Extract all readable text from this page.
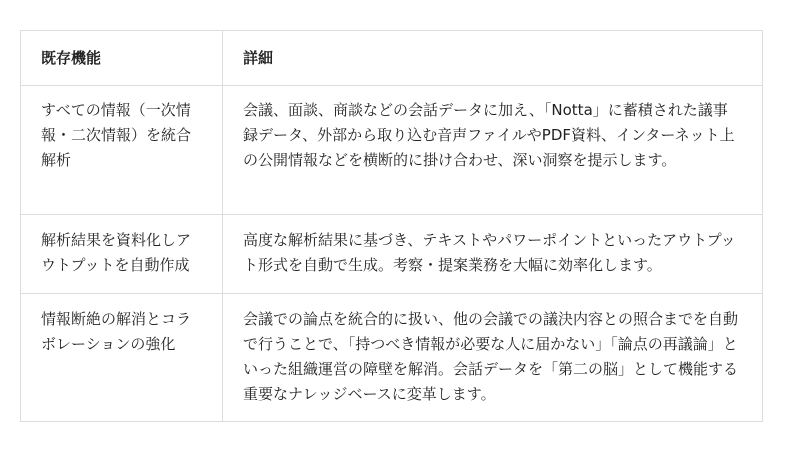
既存機能	詳細

すべての情報（一次情報・二次情報）を統合解析	会議、面談、商談などの会話データに加え、「Notta」に蓄積された議事録データ、外部から取り込む音声ファイルやPDF資料、インターネット上の公開情報などを横断的に掛け合わせ、深い洞察を提示します。

解析結果を資料化しアウトプットを自動作成	高度な解析結果に基づき、テキストやパワーポイントといったアウトプット形式を自動で生成。考察・提案業務を大幅に効率化します。

情報断絶の解消とコラボレーションの強化	会議での論点を統合的に扱い、他の会議での議決内容との照合までを自動で行うことで、「持つべき情報が必要な人に届かない」「論点の再議論」といった組織運営の障壁を解消。会話データを「第二の脳」として機能する重要なナレッジベースに変革します。
